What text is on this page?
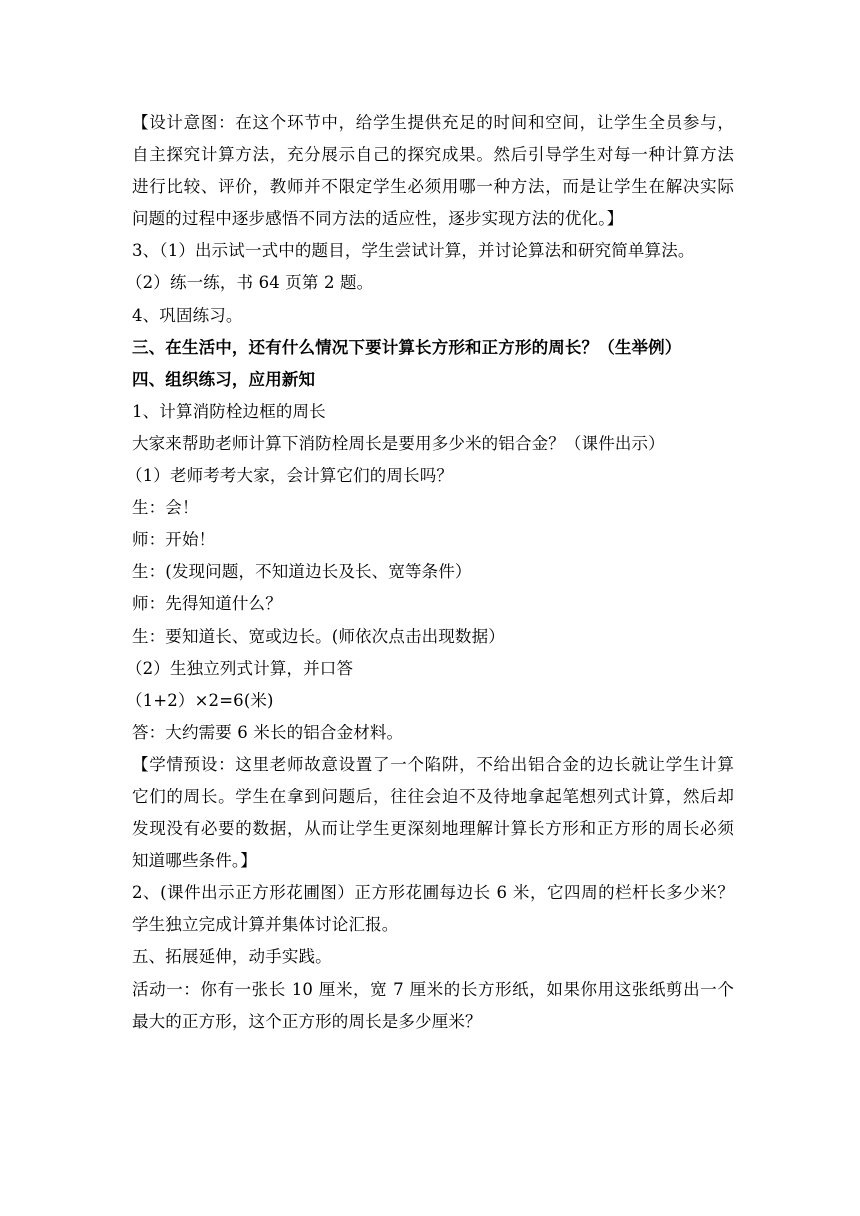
【设计意图：在这个环节中，给学生提供充足的时间和空间，让学生全员参与，
自主探究计算方法，充分展示自己的探究成果。然后引导学生对每一种计算方法
进行比较、评价，教师并不限定学生必须用哪一种方法，而是让学生在解决实际
问题的过程中逐步感悟不同方法的适应性，逐步实现方法的优化。】
3、（1）出示试一式中的题目，学生尝试计算，并讨论算法和研究简单算法。
（2）练一练，书 64 页第 2 题。
4、巩固练习。
三、在生活中，还有什么情况下要计算长方形和正方形的周长？（生举例）
四、组织练习，应用新知
1、计算消防栓边框的周长
大家来帮助老师计算下消防栓周长是要用多少米的铝合金？（课件出示）
（1）老师考考大家，会计算它们的周长吗？
生：会！
师：开始！
生：(发现问题，不知道边长及长、宽等条件）
师：先得知道什么？
生：要知道长、宽或边长。(师依次点击出现数据）
（2）生独立列式计算，并口答
（1+2）×2=6(米)
答：大约需要 6 米长的铝合金材料。
【学情预设：这里老师故意设置了一个陷阱，不给出铝合金的边长就让学生计算
它们的周长。学生在拿到问题后，往往会迫不及待地拿起笔想列式计算，然后却
发现没有必要的数据，从而让学生更深刻地理解计算长方形和正方形的周长必须
知道哪些条件。】
2、(课件出示正方形花圃图）正方形花圃每边长 6 米，它四周的栏杆长多少米？
学生独立完成计算并集体讨论汇报。
五、拓展延伸，动手实践。
活动一：你有一张长 10 厘米，宽 7 厘米的长方形纸，如果你用这张纸剪出一个
最大的正方形，这个正方形的周长是多少厘米？
